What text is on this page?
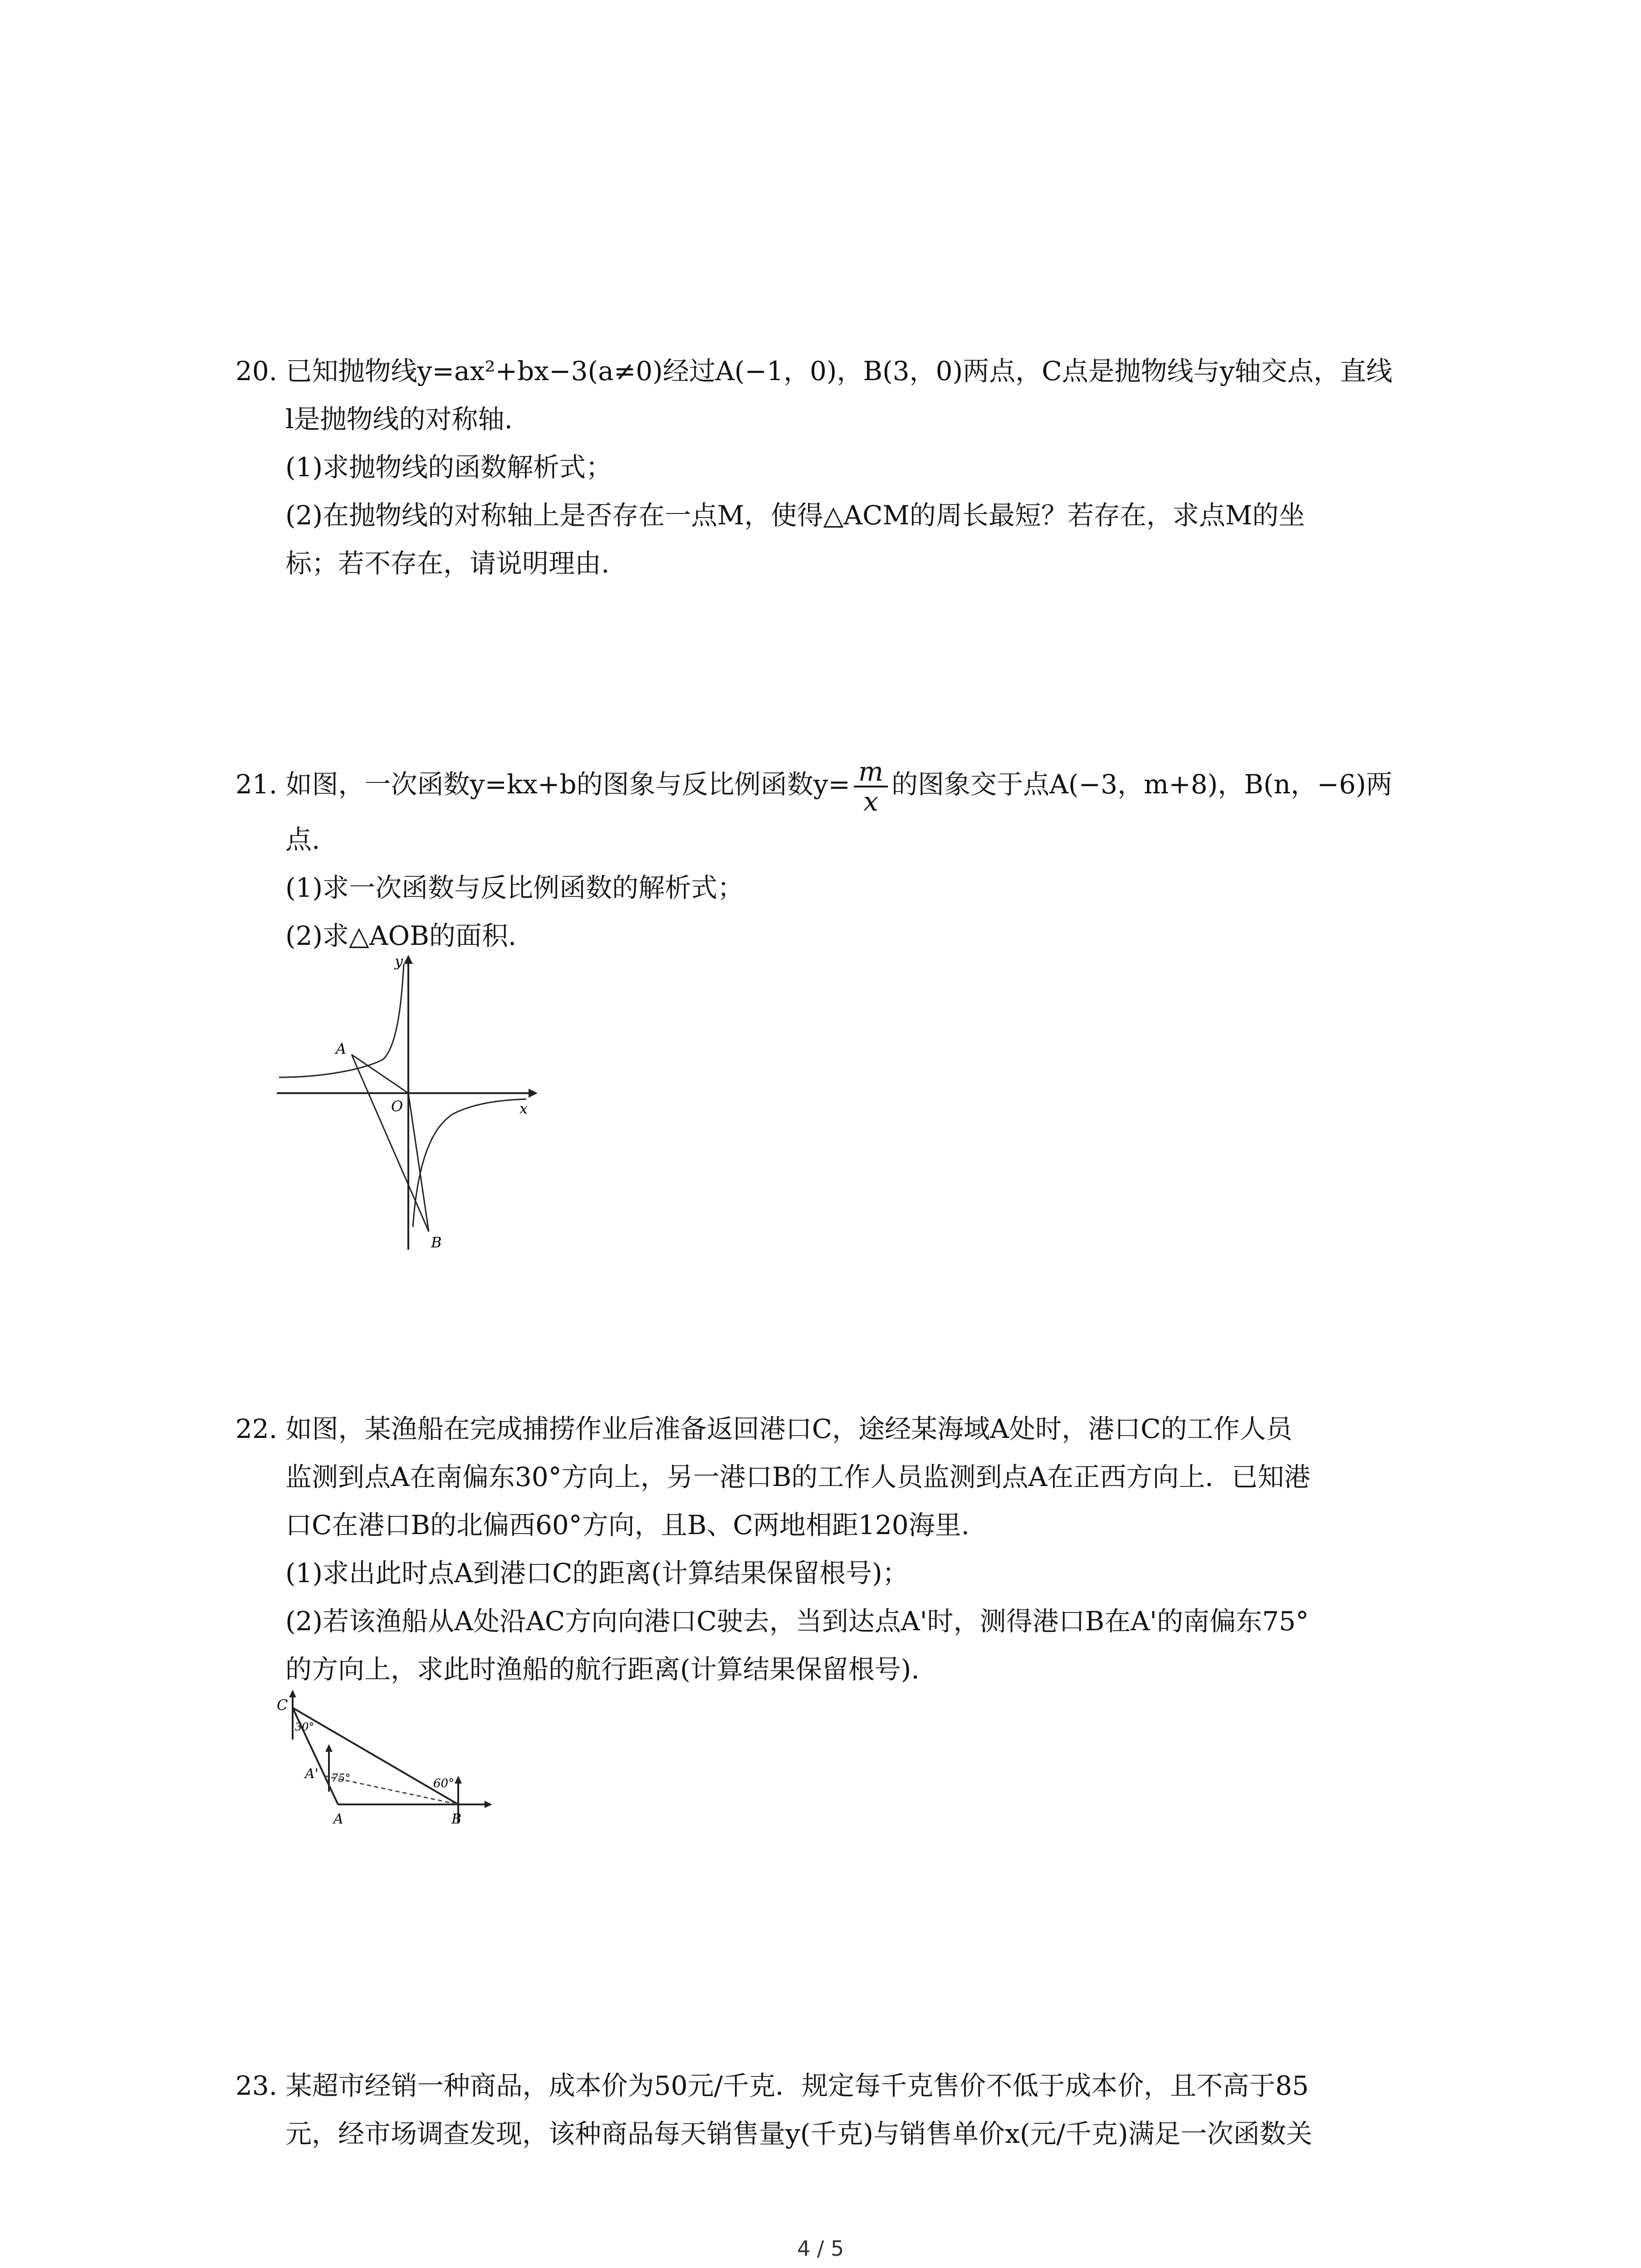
20. 已知抛物线y=ax²+bx−3(a≠0)经过A(−1，0)，B(3，0)两点，C点是抛物线与y轴交点，直线
l是抛物线的对称轴.
(1)求抛物线的函数解析式；
(2)在抛物线的对称轴上是否存在一点M，使得△ACM的周长最短？若存在，求点M的坐
标；若不存在，请说明理由.
21. 如图，一次函数y=kx+b的图象与反比例函数$y= \frac{m}{x}$ 的图象交于点A(−3，m+8)，B(n，−6)两
点.
(1)求一次函数与反比例函数的解析式；
(2)求△AOB的面积.
y
x
O
A
B
22. 如图，某渔船在完成捕捞作业后准备返回港口C，途经某海域A处时，港口C的工作人员
监测到点A在南偏东30°方向上，另一港口B的工作人员监测到点A在正西方向上．已知港
口C在港口B的北偏西60°方向，且B、C两地相距120海里.
(1)求出此时点A到港口C的距离(计算结果保留根号)；
(2)若该渔船从A处沿AC方向向港口C驶去，当到达点A'时，测得港口B在A'的南偏东75°
的方向上，求此时渔船的航行距离(计算结果保留根号).
C
30°
A' 75°	60°
A	B
23. 某超市经销一种商品，成本价为50元/千克．规定每千克售价不低于成本价，且不高于85
元，经市场调查发现，该种商品每天销售量y(千克)与销售单价x(元/千克)满足一次函数关
4 / 5
